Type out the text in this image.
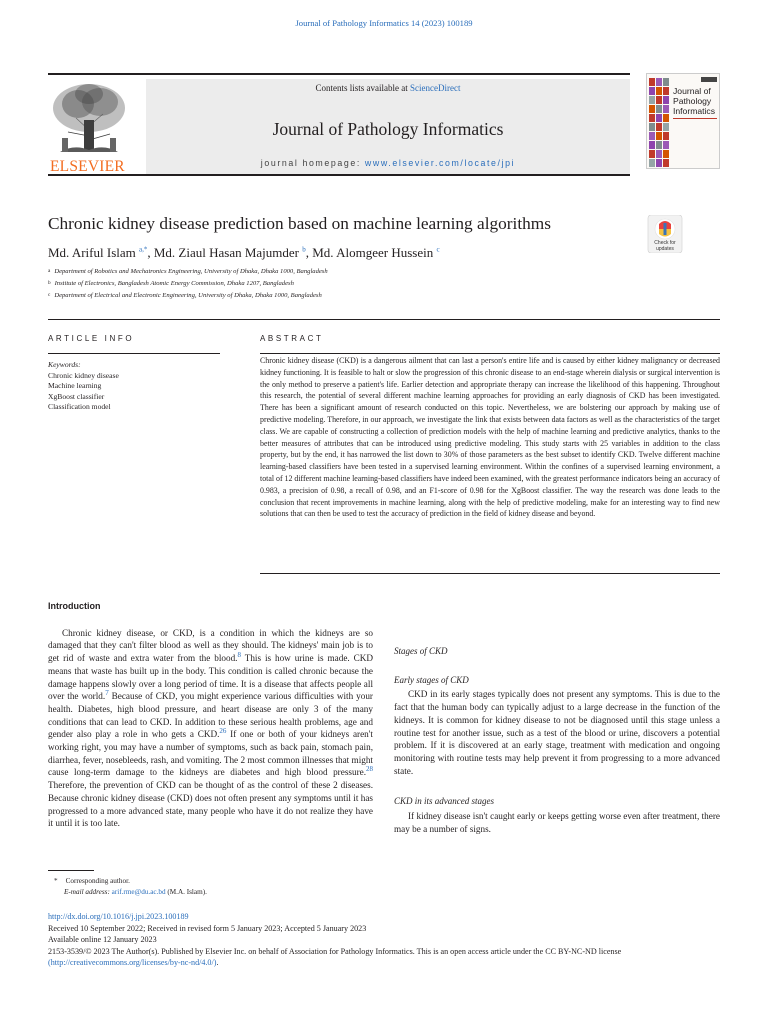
Journal of Pathology Informatics 14 (2023) 100189
ELSEVIER
Contents lists available at ScienceDirect
Journal of Pathology Informatics
journal homepage: www.elsevier.com/locate/jpi
Journal of
Pathology
Informatics
Chronic kidney disease prediction based on machine learning algorithms
Check for
updates
Md. Ariful Islam $^{a,*}$, Md. Ziaul Hasan Majumder $^b$, Md. Alomgeer Hussein $^c$
$^a$ Department of Robotics and Mechatronics Engineering, University of Dhaka, Dhaka 1000, Bangladesh
$^b$ Institute of Electronics, Bangladesh Atomic Energy Commission, Dhaka 1207, Bangladesh
$^c$ Department of Electrical and Electronic Engineering, University of Dhaka, Dhaka 1000, Bangladesh
ARTICLE INFO	ABSTRACT
Keywords:
Chronic kidney disease
Machine learning
XgBoost classifier
Classification model
Chronic kidney disease (CKD) is a dangerous ailment that can last a person's entire life and is caused by either kidney malignancy or decreased kidney functioning. It is feasible to halt or slow the progression of this chronic disease to an end-stage wherein dialysis or surgical intervention is the only method to preserve a patient's life. Earlier detection and appropriate therapy can increase the likelihood of this happening. Throughout this research, the potential of several different machine learning approaches for providing an early diagnosis of CKD has been investigated. There has been a significant amount of research conducted on this topic. Nevertheless, we are bolstering our approach by making use of predictive modeling. Therefore, in our approach, we investigate the link that exists between data factors as well as the characteristics of the target class. We are capable of constructing a collection of prediction models with the help of machine learning and predictive analytics, thanks to the better measures of attributes that can be introduced using predictive modeling. This study starts with 25 variables in addition to the class property, but by the end, it has narrowed the list down to 30% of those parameters as the best subset to identify CKD. Twelve different machine learning-based classifiers have been tested in a supervised learning environment. Within the confines of a supervised learning environment, a total of 12 different machine learning-based classifiers have indeed been examined, with the greatest performance indicators being an accuracy of 0.983, a precision of 0.98, a recall of 0.98, and an F1-score of 0.98 for the XgBoost classifier. The way the research was done leads to the conclusion that recent improvements in machine learning, along with the help of predictive modeling, make for an interesting way to find new solutions that can then be used to test the accuracy of prediction in the field of kidney disease and beyond.
Introduction

Chronic kidney disease, or CKD, is a condition in which the kidneys are so damaged that they can't filter blood as well as they should. The kidneys' main job is to get rid of waste and extra water from the blood.$^8$ This is how urine is made. CKD means that waste has built up in the body. This condition is called chronic because the damage happens slowly over a long period of time. It is a disease that affects people all over the world.$^7$ Because of CKD, you might experience various difficulties with your health. Diabetes, high blood pressure, and heart disease are only 3 of the many conditions that can lead to CKD. In addition to these serious health problems, age and gender also play a role in who gets a CKD.$^{26}$ If one or both of your kidneys aren't working right, you may have a number of symptoms, such as back pain, stomach pain, diarrhea, fever, nosebleeds, rash, and vomiting. The 2 most common illnesses that might cause long-term damage to the kidneys are diabetes and high blood pressure.$^{28}$ Therefore, the prevention of CKD can be thought of as the control of these 2 diseases. Because chronic kidney disease (CKD) does not often present any symptoms until it has progressed to a more advanced state, many people who have it do not realize they have it until it is too late.

Stages of CKD
Early stages of CKD

CKD in its early stages typically does not present any symptoms. This is due to the fact that the human body can typically adjust to a large decrease in the function of the kidneys. It is common for kidney disease to not be diagnosed until this stage unless a routine test for another issue, such as a test of the blood or urine, discovers a potential problem. If it is discovered at an early stage, treatment with medication and ongoing monitoring with routine tests may help prevent it from progressing to a more advanced state.

CKD in its advanced stages

If kidney disease isn't caught early or keeps getting worse even after treatment, there may be a number of signs.

* Corresponding author.
E-mail address: arif.rme@du.ac.bd (M.A. Islam).
http://dx.doi.org/10.1016/j.jpi.2023.100189
Received 10 September 2022; Received in revised form 5 January 2023; Accepted 5 January 2023
Available online 12 January 2023
2153-3539/© 2023 The Author(s). Published by Elsevier Inc. on behalf of Association for Pathology Informatics. This is an open access article under the CC BY-NC-ND license
(http://creativecommons.org/licenses/by-nc-nd/4.0/).
